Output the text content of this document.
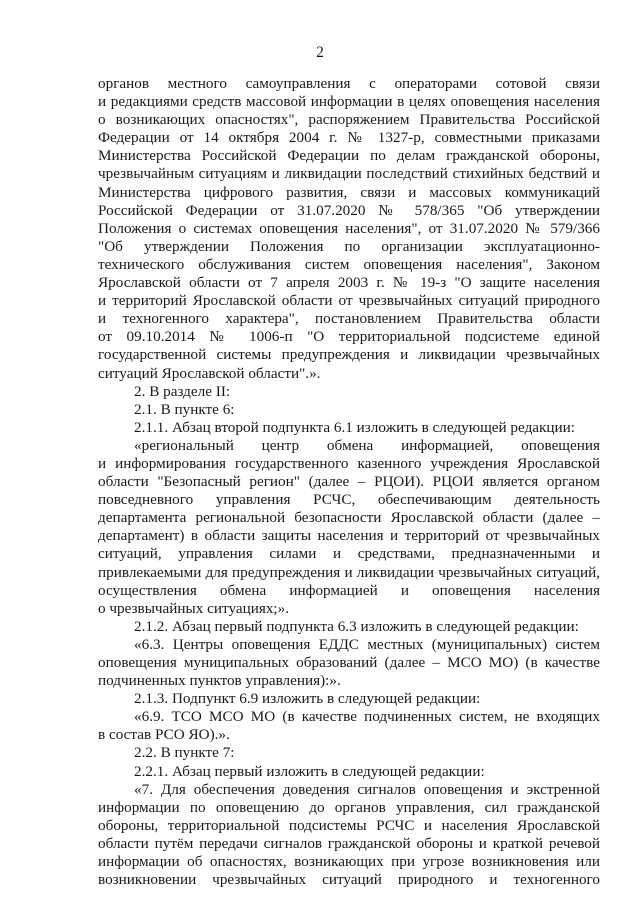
2
органов местного самоуправления с операторами сотовой связи
и редакциями средств массовой информации в целях оповещения населения
о возникающих опасностях", распоряжением Правительства Российской
Федерации от 14 октября 2004 г. № 1327-р, совместными приказами
Министерства Российской Федерации по делам гражданской обороны,
чрезвычайным ситуациям и ликвидации последствий стихийных бедствий и
Министерства цифрового развития, связи и массовых коммуникаций
Российской Федерации от 31.07.2020 № 578/365 "Об утверждении
Положения о системах оповещения населения", от 31.07.2020 № 579/366
"Об утверждении Положения по организации эксплуатационно-
технического обслуживания систем оповещения населения", Законом
Ярославской области от 7 апреля 2003 г. № 19-з "О защите населения
и территорий Ярославской области от чрезвычайных ситуаций природного
и техногенного характера", постановлением Правительства области
от 09.10.2014 № 1006-п "О территориальной подсистеме единой
государственной системы предупреждения и ликвидации чрезвычайных
ситуаций Ярославской области".».
2. В разделе II:
2.1. В пункте 6:
2.1.1. Абзац второй подпункта 6.1 изложить в следующей редакции:
«региональный центр обмена информацией, оповещения
и информирования государственного казенного учреждения Ярославской
области "Безопасный регион" (далее – РЦОИ). РЦОИ является органом
повседневного управления РСЧС, обеспечивающим деятельность
департамента региональной безопасности Ярославской области (далее –
департамент) в области защиты населения и территорий от чрезвычайных
ситуаций, управления силами и средствами, предназначенными и
привлекаемыми для предупреждения и ликвидации чрезвычайных ситуаций,
осуществления обмена информацией и оповещения населения
о чрезвычайных ситуациях;».
2.1.2. Абзац первый подпункта 6.3 изложить в следующей редакции:
«6.3. Центры оповещения ЕДДС местных (муниципальных) систем
оповещения муниципальных образований (далее – МСО МО) (в качестве
подчиненных пунктов управления):».
2.1.3. Подпункт 6.9 изложить в следующей редакции:
«6.9. ТСО МСО МО (в качестве подчиненных систем, не входящих
в состав РСО ЯО).».
2.2. В пункте 7:
2.2.1. Абзац первый изложить в следующей редакции:
«7. Для обеспечения доведения сигналов оповещения и экстренной
информации по оповещению до органов управления, сил гражданской
обороны, территориальной подсистемы РСЧС и населения Ярославской
области путём передачи сигналов гражданской обороны и краткой речевой
информации об опасностях, возникающих при угрозе возникновения или
возникновении чрезвычайных ситуаций природного и техногенного
